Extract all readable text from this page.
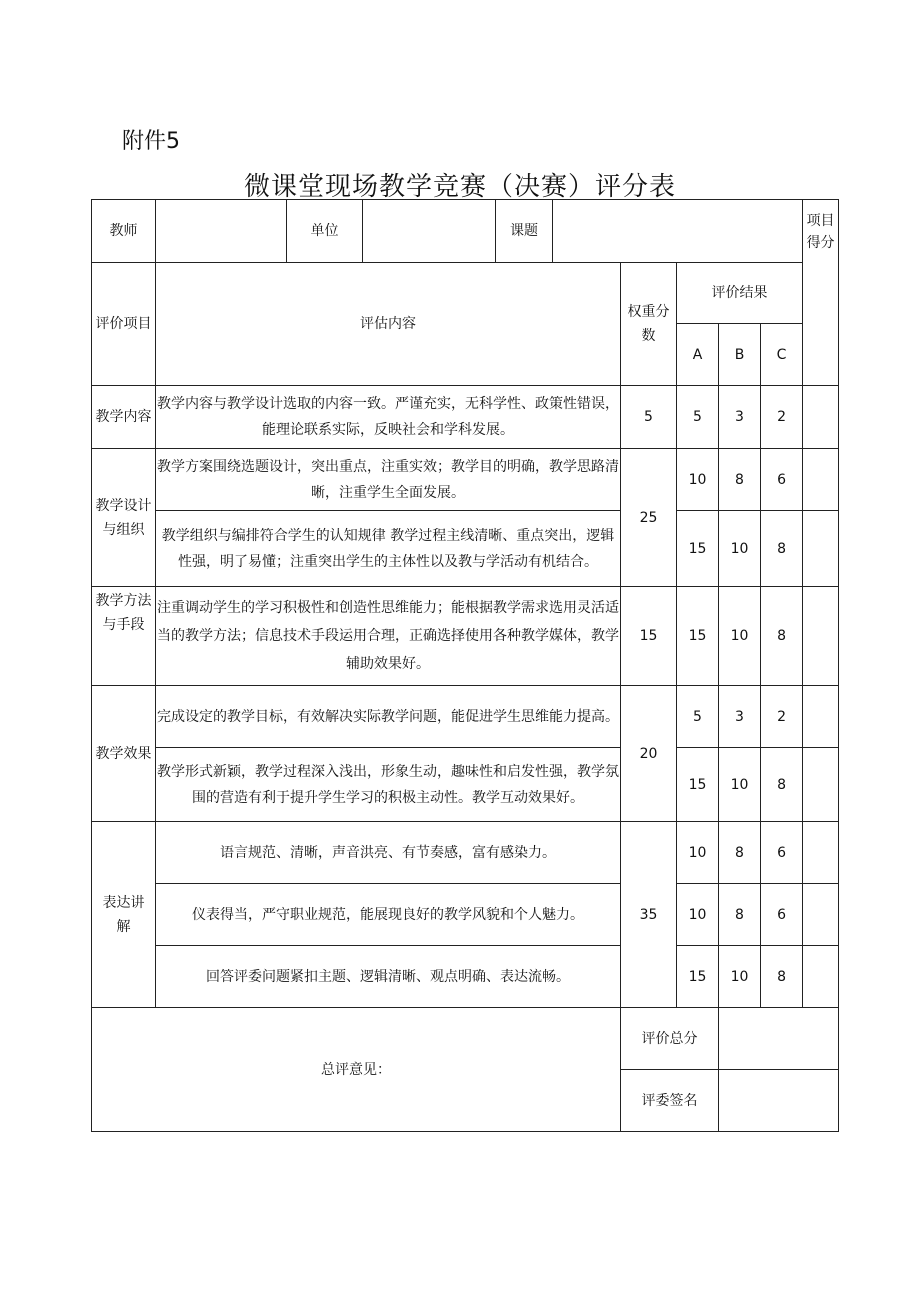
附件5
微课堂现场教学竞赛（决赛）评分表
教师		单位		课题						项目得分
评价项目	评估内容					权重分数	评价结果			
							A	B	C	
教学内容	教学内容与教学设计选取的内容一致。严谨充实，无科学性、政策性错误，能理论联系实际，反映社会和学科发展。					5	5	3	2	
教学设计与组织	教学方案围绕选题设计，突出重点，注重实效；教学目的明确，教学思路清晰，注重学生全面发展。					25	10	8	6	
	教学组织与编排符合学生的认知规律 教学过程主线清晰、重点突出，逻辑性强，明了易懂；注重突出学生的主体性以及教与学活动有机结合。						15	10	8	
教学方法与手段	注重调动学生的学习积极性和创造性思维能力；能根据教学需求选用灵活适当的教学方法；信息技术手段运用合理，正确选择使用各种教学媒体，教学辅助效果好。					15	15	10	8	
教学效果	完成设定的教学目标，有效解决实际教学问题，能促进学生思维能力提高。					20	5	3	2	
	教学形式新颖，教学过程深入浅出，形象生动，趣味性和启发性强，教学氛围的营造有利于提升学生学习的积极主动性。教学互动效果好。						15	10	8	
表达讲解	语言规范、清晰，声音洪亮、有节奏感，富有感染力。					35	10	8	6	
	仪表得当，严守职业规范，能展现良好的教学风貌和个人魅力。						10	8	6	
	回答评委问题紧扣主题、逻辑清晰、观点明确、表达流畅。						15	10	8	
总评意见：						评价总分				
						评委签名				
